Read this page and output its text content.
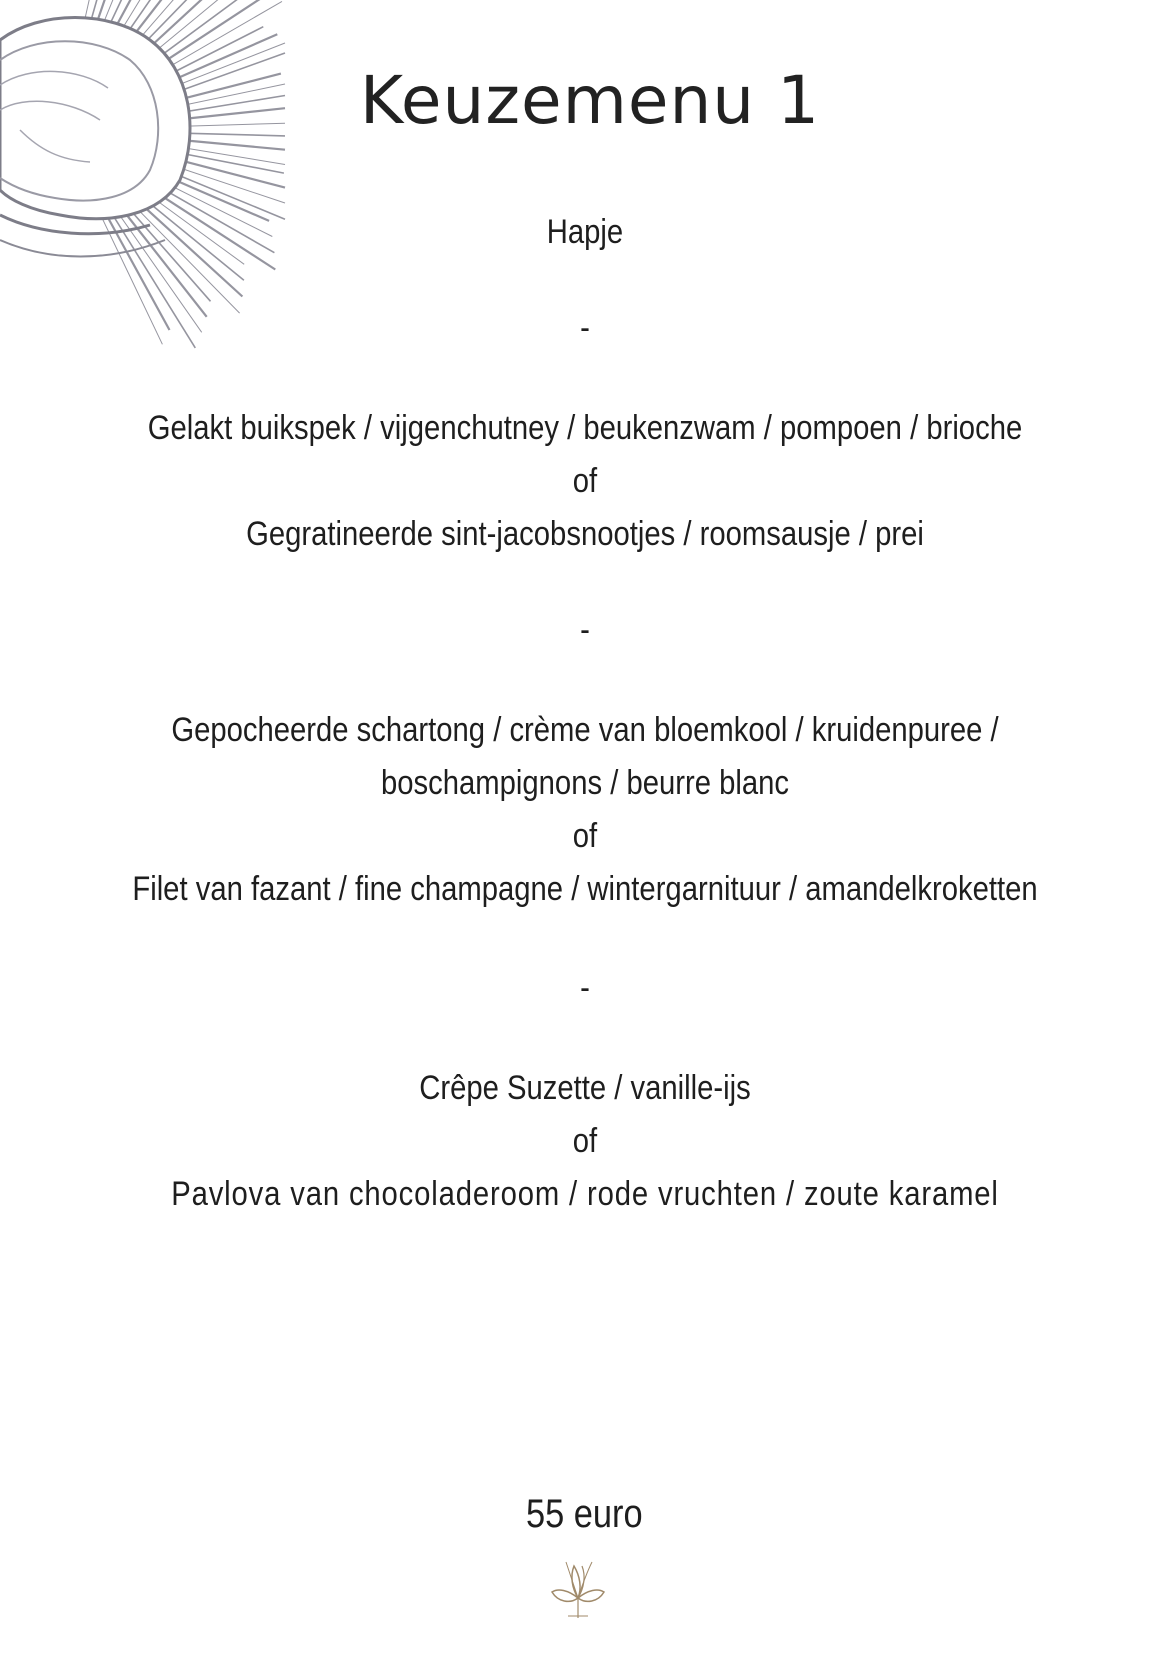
Keuzemenu 1
Hapje
-
Gelakt buikspek / vijgenchutney / beukenzwam / pompoen / brioche
of
Gegratineerde sint-jacobsnootjes / roomsausje / prei
-
Gepocheerde schartong / crème van bloemkool / kruidenpuree /
boschampignons / beurre blanc
of
Filet van fazant / fine champagne / wintergarnituur / amandelkroketten
-
Crêpe Suzette / vanille-ijs
of
Pavlova van chocoladeroom / rode vruchten / zoute karamel
55 euro
